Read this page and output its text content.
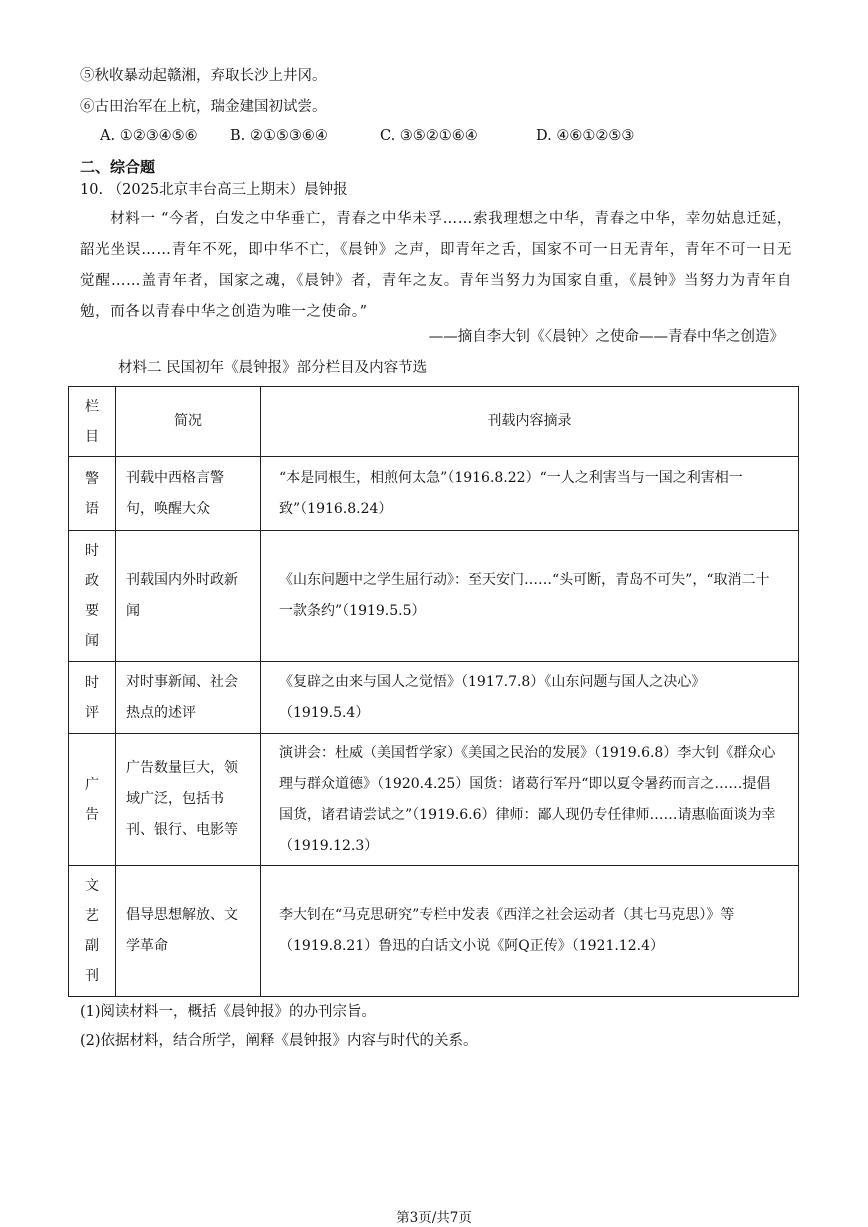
⑤秋收暴动起赣湘，弃取长沙上井冈。
⑥古田治军在上杭，瑞金建国初试尝。
A. ①②③④⑤⑥ B. ②①⑤③⑥④	C. ③⑤②①⑥④	D. ④⑥①②⑤③
二、综合题
10. （2025北京丰台高三上期末）晨钟报
材料一 “今者，白发之中华垂亡，青春之中华未孚……索我理想之中华，青春之中华，幸勿姑息迁延，韶光坐误……青年不死，即中华不亡，《晨钟》之声，即青年之舌，国家不可一日无青年，青年不可一日无觉醒……盖青年者，国家之魂，《晨钟》者，青年之友。青年当努力为国家自重，《晨钟》当努力为青年自勉，而各以青春中华之创造为唯一之使命。”
——摘自李大钊《〈晨钟〉之使命——青春中华之创造》
材料二 民国初年《晨钟报》部分栏目及内容节选
栏
目	简况	刊载内容摘录

警
语	刊载中西格言警句，唤醒大众	“本是同根生，相煎何太急”（1916.8.22）“一人之利害当与一国之利害相一致”（1916.8.24）

时
政
要
闻	刊载国内外时政新闻	《山东问题中之学生屈行动》：至天安门……“头可断，青岛不可失”，“取消二十一款条约”（1919.5.5）

时
评	对时事新闻、社会热点的述评	《复辟之由来与国人之觉悟》（1917.7.8）《山东问题与国人之决心》（1919.5.4）

广
告	广告数量巨大，领域广泛，包括书刊、银行、电影等	演讲会：杜威（美国哲学家）《美国之民治的发展》（1919.6.8）李大钊《群众心理与群众道德》（1920.4.25）国货：诸葛行军丹“即以夏令暑药而言之……提倡国货，诸君请尝试之”（1919.6.6）律师：鄙人现仍专任律师……请惠临面谈为幸（1919.12.3）

文
艺
副
刊	倡导思想解放、文学革命	李大钊在“马克思研究”专栏中发表《西洋之社会运动者（其七马克思）》等（1919.8.21）鲁迅的白话文小说《阿Q正传》（1921.12.4）
(1)阅读材料一，概括《晨钟报》的办刊宗旨。
(2)依据材料，结合所学，阐释《晨钟报》内容与时代的关系。
第3页/共7页
